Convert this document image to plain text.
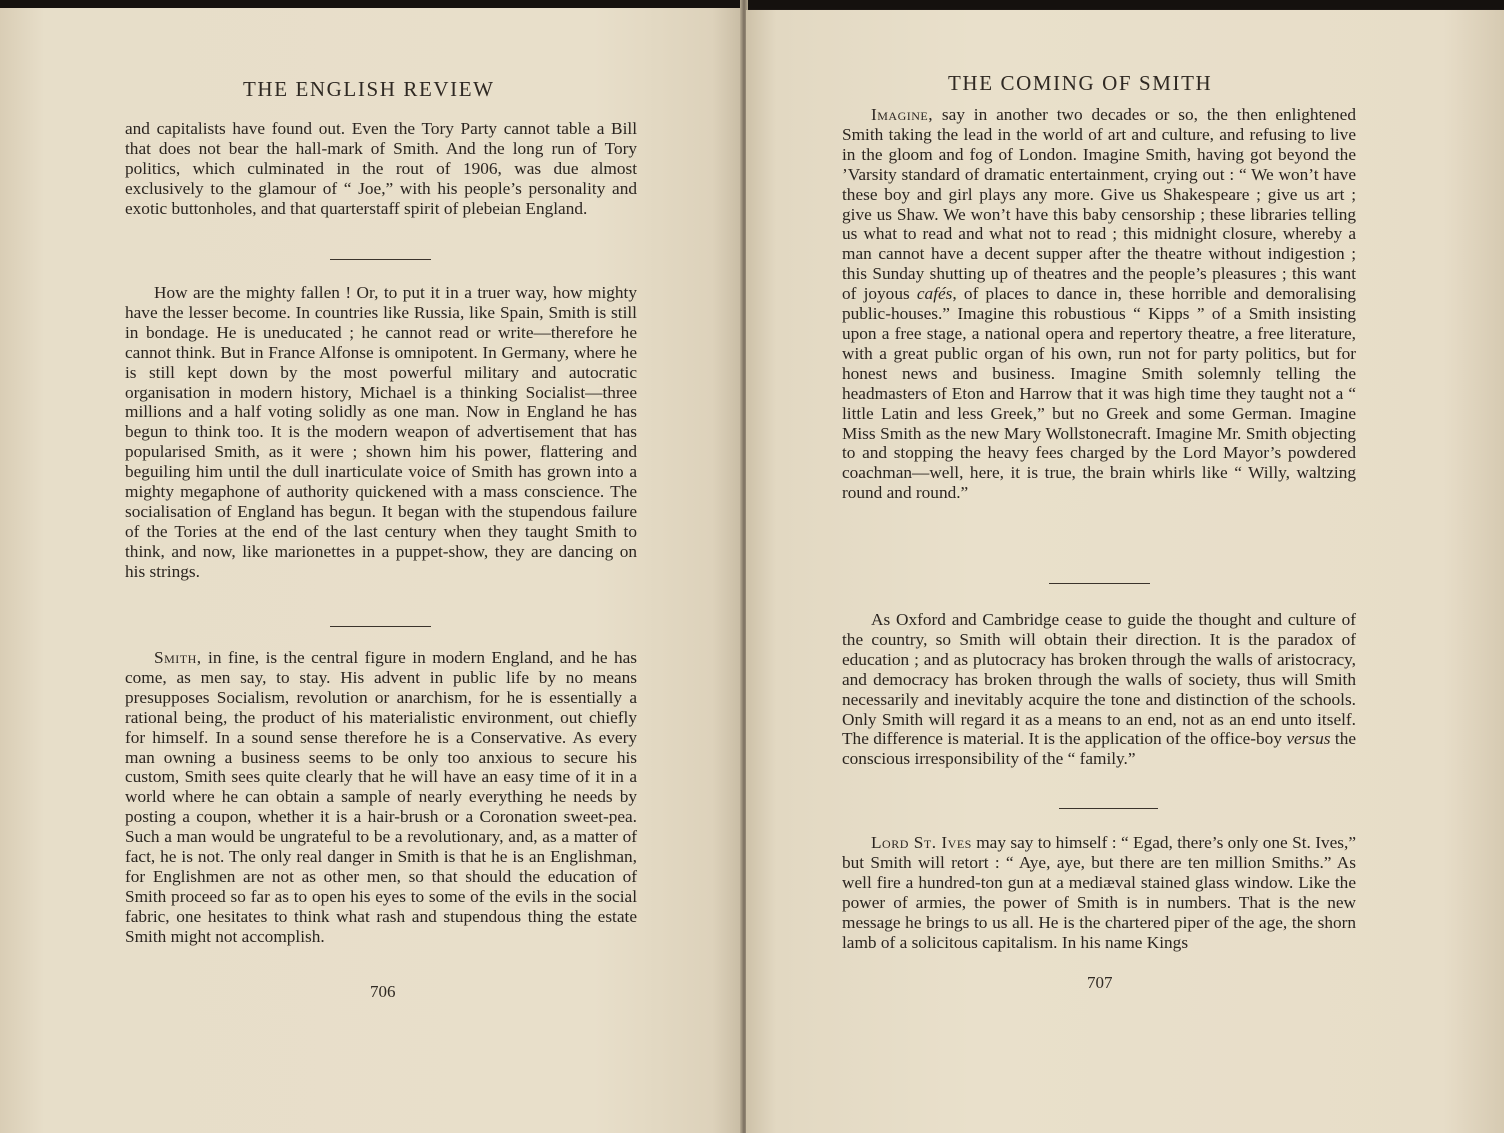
THE ENGLISH REVIEW

and capitalists have found out. Even the Tory Party cannot table a Bill that does not bear the hall-mark of Smith. And the long run of Tory politics, which culminated in the rout of 1906, was due almost exclusively to the glamour of “ Joe,” with his people’s personality and exotic buttonholes, and that quarterstaff spirit of plebeian England.

How are the mighty fallen ! Or, to put it in a truer way, how mighty have the lesser become. In countries like Russia, like Spain, Smith is still in bondage. He is uneducated ; he cannot read or write—therefore he cannot think. But in France Alfonse is omnipotent. In Germany, where he is still kept down by the most powerful military and autocratic organisation in modern history, Michael is a thinking Socialist—three millions and a half voting solidly as one man. Now in England he has begun to think too. It is the modern weapon of advertisement that has popularised Smith, as it were ; shown him his power, flattering and beguiling him until the dull inarticulate voice of Smith has grown into a mighty megaphone of authority quickened with a mass conscience. The socialisation of England has begun. It began with the stupendous failure of the Tories at the end of the last century when they taught Smith to think, and now, like marionettes in a puppet-show, they are dancing on his strings.

Smith, in fine, is the central figure in modern England, and he has come, as men say, to stay. His advent in public life by no means presupposes Socialism, revolution or anarchism, for he is essentially a rational being, the product of his materialistic environment, out chiefly for himself. In a sound sense therefore he is a Conservative. As every man owning a business seems to be only too anxious to secure his custom, Smith sees quite clearly that he will have an easy time of it in a world where he can obtain a sample of nearly everything he needs by posting a coupon, whether it is a hair-brush or a Coronation sweet-pea. Such a man would be ungrateful to be a revolutionary, and, as a matter of fact, he is not. The only real danger in Smith is that he is an Englishman, for Englishmen are not as other men, so that should the education of Smith proceed so far as to open his eyes to some of the evils in the social fabric, one hesitates to think what rash and stupendous thing the estate Smith might not accomplish.

706
THE COMING OF SMITH

Imagine, say in another two decades or so, the then enlightened Smith taking the lead in the world of art and culture, and refusing to live in the gloom and fog of London. Imagine Smith, having got beyond the ’Varsity standard of dramatic entertainment, crying out : “ We won’t have these boy and girl plays any more. Give us Shakespeare ; give us art ; give us Shaw. We won’t have this baby censorship ; these libraries telling us what to read and what not to read ; this midnight closure, whereby a man cannot have a decent supper after the theatre without indigestion ; this Sunday shutting up of theatres and the people’s pleasures ; this want of joyous cafés, of places to dance in, these horrible and demoralising public-houses.” Imagine this robustious “ Kipps ” of a Smith insisting upon a free stage, a national opera and repertory theatre, a free literature, with a great public organ of his own, run not for party politics, but for honest news and business. Imagine Smith solemnly telling the headmasters of Eton and Harrow that it was high time they taught not a “ little Latin and less Greek,” but no Greek and some German. Imagine Miss Smith as the new Mary Wollstonecraft. Imagine Mr. Smith objecting to and stopping the heavy fees charged by the Lord Mayor’s powdered coachman—well, here, it is true, the brain whirls like “ Willy, waltzing round and round.”

As Oxford and Cambridge cease to guide the thought and culture of the country, so Smith will obtain their direction. It is the paradox of education ; and as plutocracy has broken through the walls of aristocracy, and democracy has broken through the walls of society, thus will Smith necessarily and inevitably acquire the tone and distinction of the schools. Only Smith will regard it as a means to an end, not as an end unto itself. The difference is material. It is the application of the office-boy versus the conscious irresponsibility of the “ family.”

Lord St. Ives may say to himself : “ Egad, there’s only one St. Ives,” but Smith will retort : “ Aye, aye, but there are ten million Smiths.” As well fire a hundred-ton gun at a mediæval stained glass window. Like the power of armies, the power of Smith is in numbers. That is the new message he brings to us all. He is the chartered piper of the age, the shorn lamb of a solicitous capitalism. In his name Kings

707
